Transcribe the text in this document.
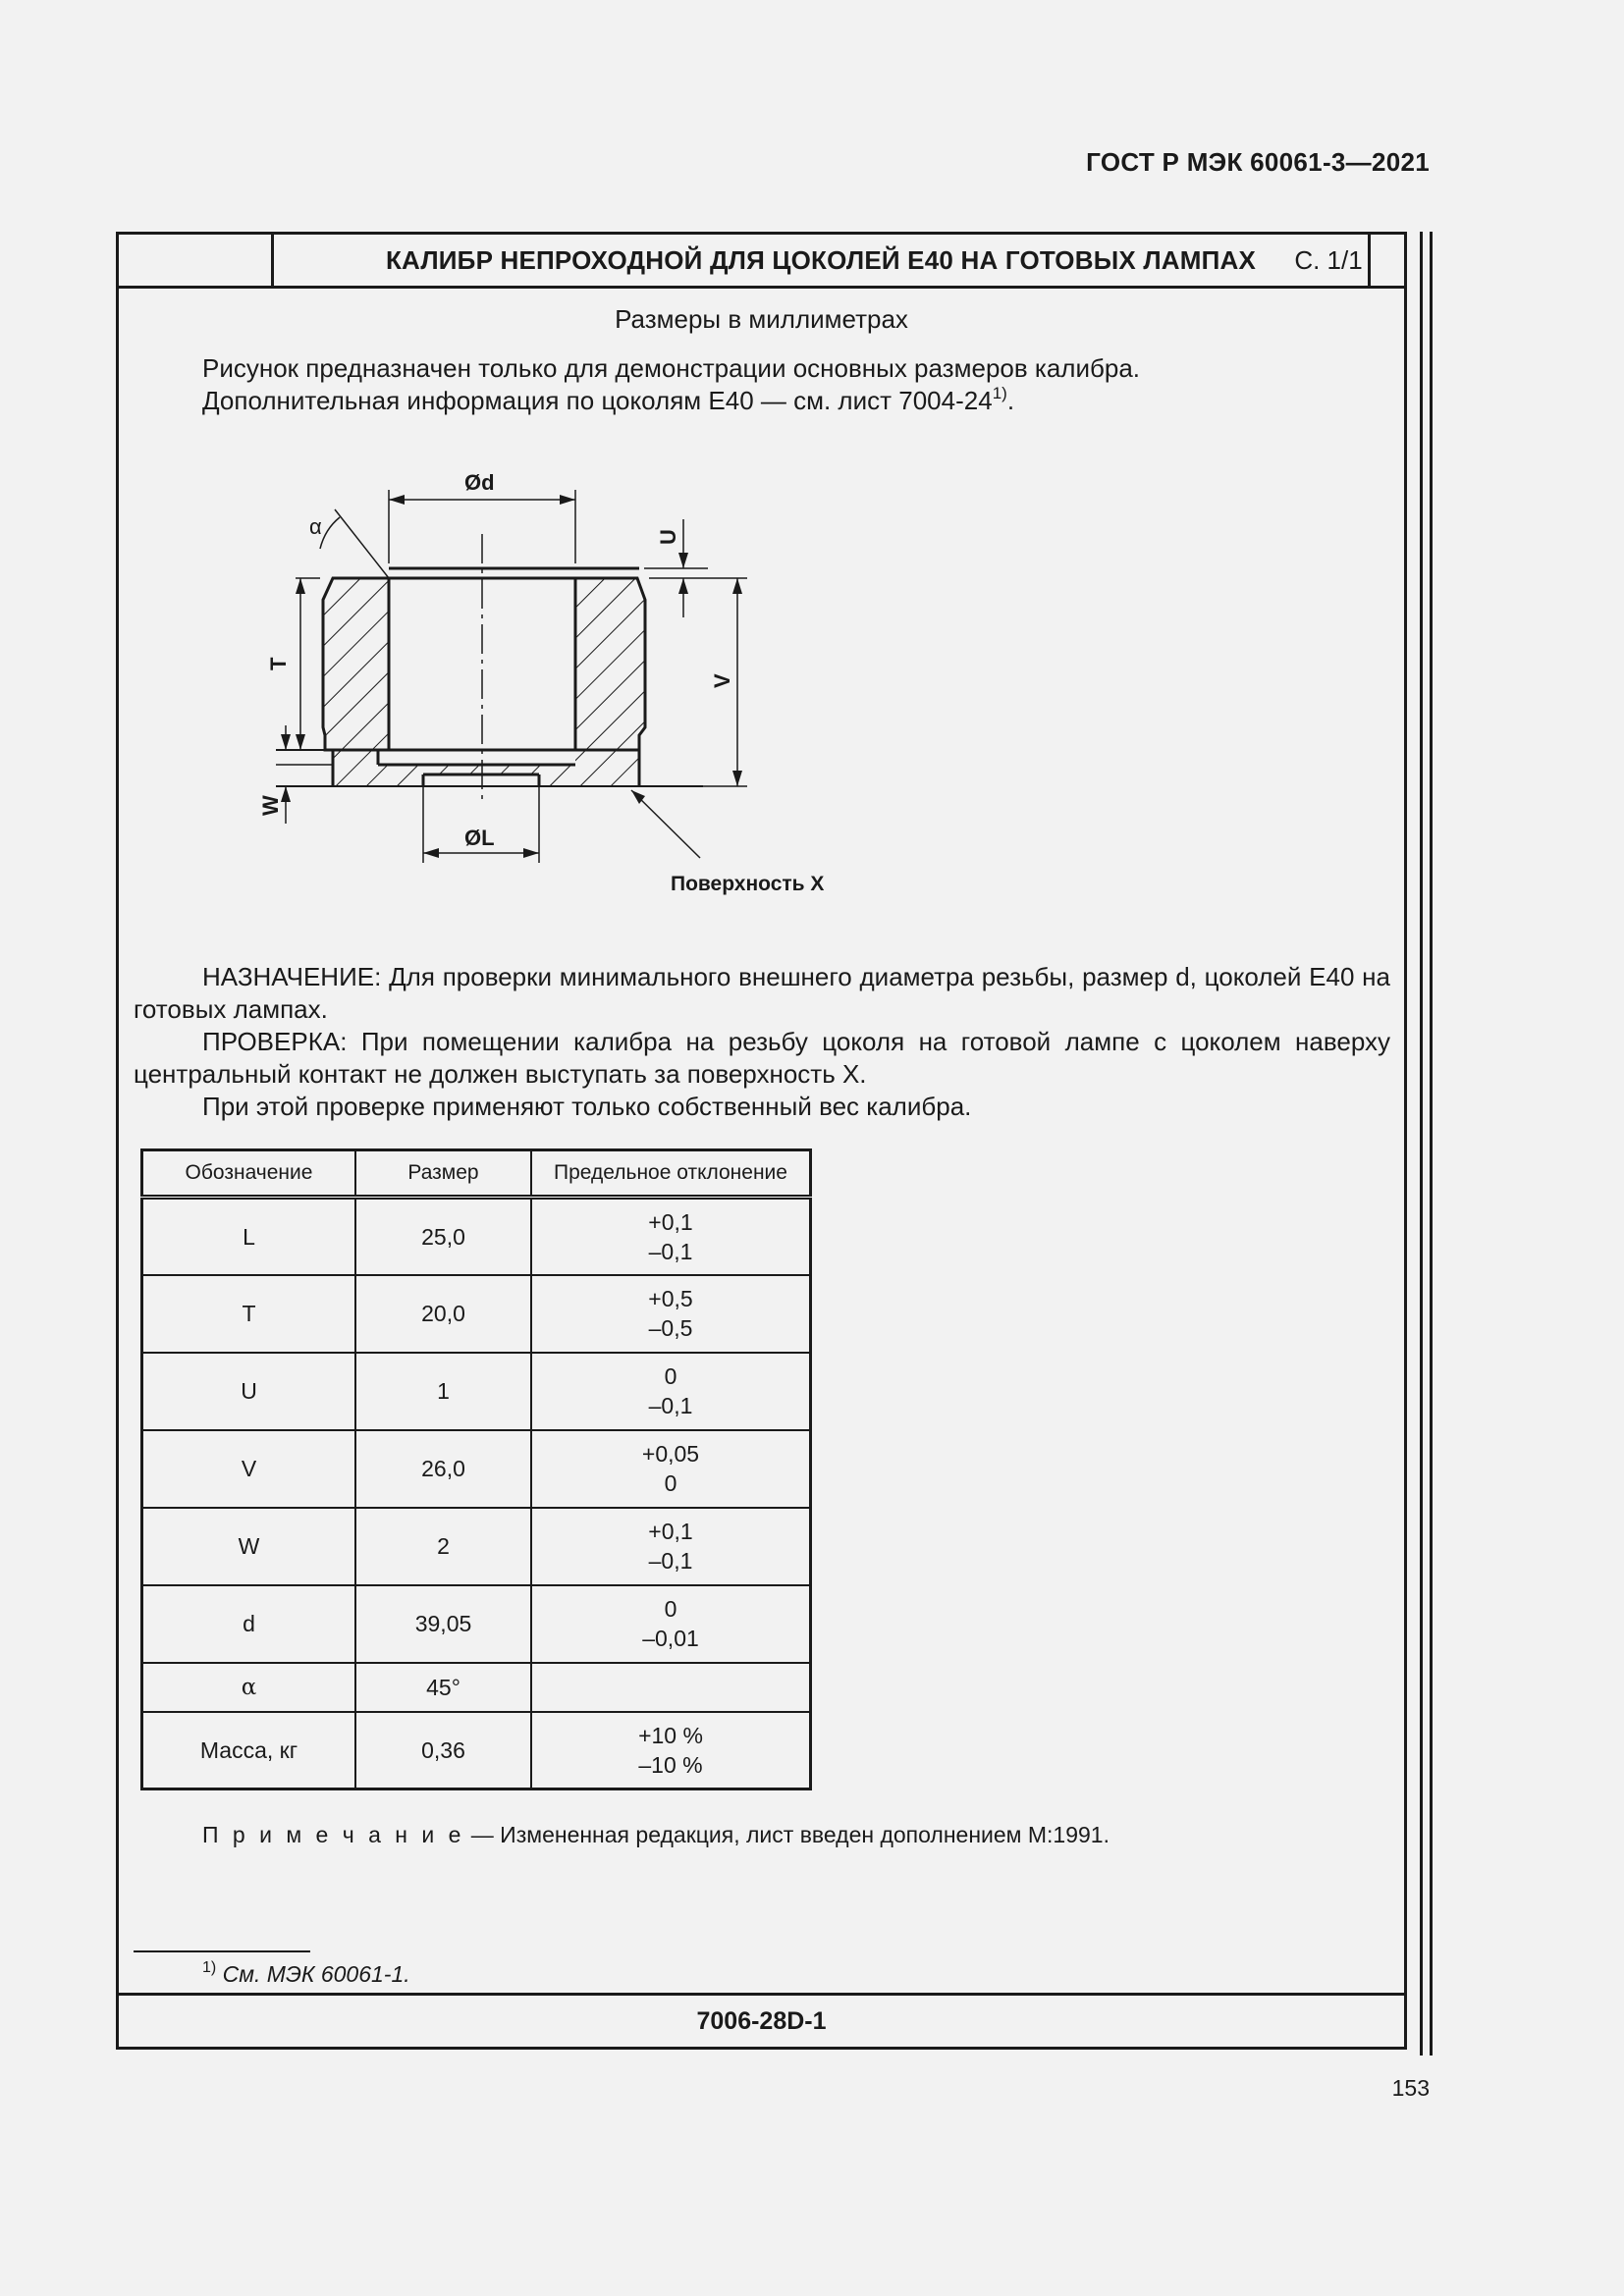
ГОСТ Р МЭК 60061-3—2021
КАЛИБР НЕПРОХОДНОЙ ДЛЯ ЦОКОЛЕЙ Е40 НА ГОТОВЫХ ЛАМПАХ	С. 1/1
Размеры в миллиметрах
Рисунок предназначен только для демонстрации основных размеров калибра.
Дополнительная информация по цоколям Е40 — см. лист 7004-24$^{1)}$.
Ød
ØL
α
T
U
V
W
Поверхность X

НАЗНАЧЕНИЕ: Для проверки минимального внешнего диаметра резьбы, размер d, цоколей Е40 на готовых лампах.

ПРОВЕРКА: При помещении калибра на резьбу цоколя на готовой лампе с цоколем наверху центральный контакт не должен выступать за поверхность X.

При этой проверке применяют только собственный вес калибра.

Обозначение	Размер	Предельное отклонение
L	25,0	+0,1
–0,1

T	20,0	+0,5
–0,5

U	1	0
–0,1

V	26,0	+0,05
0

W	2	+0,1
–0,1

d	39,05	0
–0,01

α	45°	

Масса, кг	0,36	+10 %
–10 %
П р и м е ч а н и е — Измененная редакция, лист введен дополнением М:1991.
$^{1)}$ См. МЭК 60061-1.
7006-28D-1
153
